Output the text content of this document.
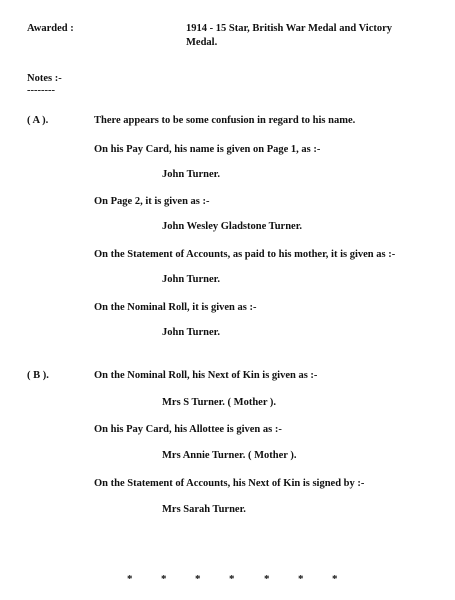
Awarded :	1914 - 15 Star, British War Medal and Victory
Medal.
Notes :-
--------
( A ).	There appears to be some confusion in regard to his name.
On his Pay Card, his name is given on Page 1, as :-
John Turner.
On Page 2, it is given as :-
John Wesley Gladstone Turner.
On the Statement of Accounts, as paid to his mother, it is given as :-
John Turner.
On the Nominal Roll, it is given as :-
John Turner.
( B ).	On the Nominal Roll, his Next of Kin is given as :-
Mrs S Turner. ( Mother ).
On his Pay Card, his Allottee is given as :-
Mrs Annie Turner. ( Mother ).
On the Statement of Accounts, his Next of Kin is signed by :-
Mrs Sarah Turner.
*	*	*	*	*	*	*
